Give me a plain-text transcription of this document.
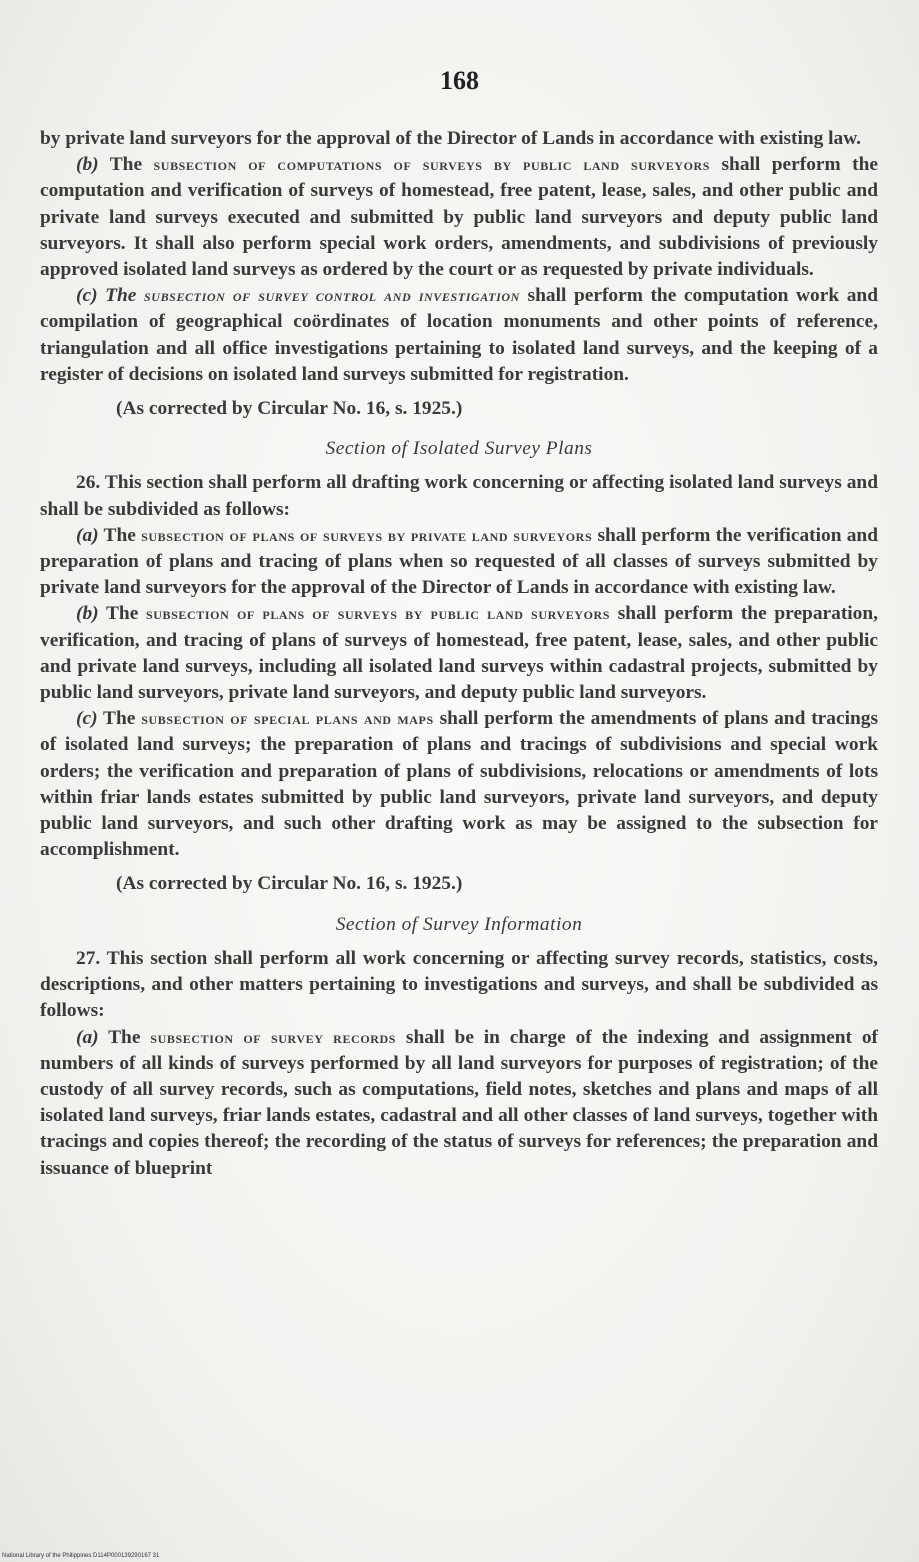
168

by private land surveyors for the approval of the Director of Lands in accordance with existing law.

(b) The subsection of computations of surveys by public land surveyors shall perform the computation and verification of surveys of homestead, free patent, lease, sales, and other public and private land surveys executed and submitted by public land surveyors and deputy public land surveyors. It shall also perform special work orders, amendments, and subdivisions of previously approved isolated land surveys as ordered by the court or as requested by private individuals.

(c) The subsection of survey control and investigation shall perform the computation work and compilation of geographical coördinates of location monuments and other points of reference, triangulation and all office investigations pertaining to isolated land surveys, and the keeping of a register of decisions on isolated land surveys submitted for registration.

(As corrected by Circular No. 16, s. 1925.)

Section of Isolated Survey Plans

26. This section shall perform all drafting work concerning or affecting isolated land surveys and shall be subdivided as follows:

(a) The subsection of plans of surveys by private land surveyors shall perform the verification and preparation of plans and tracing of plans when so requested of all classes of surveys submitted by private land surveyors for the approval of the Director of Lands in accordance with existing law.

(b) The subsection of plans of surveys by public land surveyors shall perform the preparation, verification, and tracing of plans of surveys of homestead, free patent, lease, sales, and other public and private land surveys, including all isolated land surveys within cadastral projects, submitted by public land surveyors, private land surveyors, and deputy public land surveyors.

(c) The subsection of special plans and maps shall perform the amendments of plans and tracings of isolated land surveys; the preparation of plans and tracings of subdivisions and special work orders; the verification and preparation of plans of subdivisions, relocations or amendments of lots within friar lands estates submitted by public land surveyors, private land surveyors, and deputy public land surveyors, and such other drafting work as may be assigned to the subsection for accomplishment.

(As corrected by Circular No. 16, s. 1925.)

Section of Survey Information

27. This section shall perform all work concerning or affecting survey records, statistics, costs, descriptions, and other matters pertaining to investigations and surveys, and shall be subdivided as follows:

(a) The subsection of survey records shall be in charge of the indexing and assignment of numbers of all kinds of surveys performed by all land surveyors for purposes of registration; of the custody of all survey records, such as computations, field notes, sketches and plans and maps of all isolated land surveys, friar lands estates, cadastral and all other classes of land surveys, together with tracings and copies thereof; the recording of the status of surveys for references; the preparation and issuance of blueprint

National Library of the Philippines D114P000139290167 31
